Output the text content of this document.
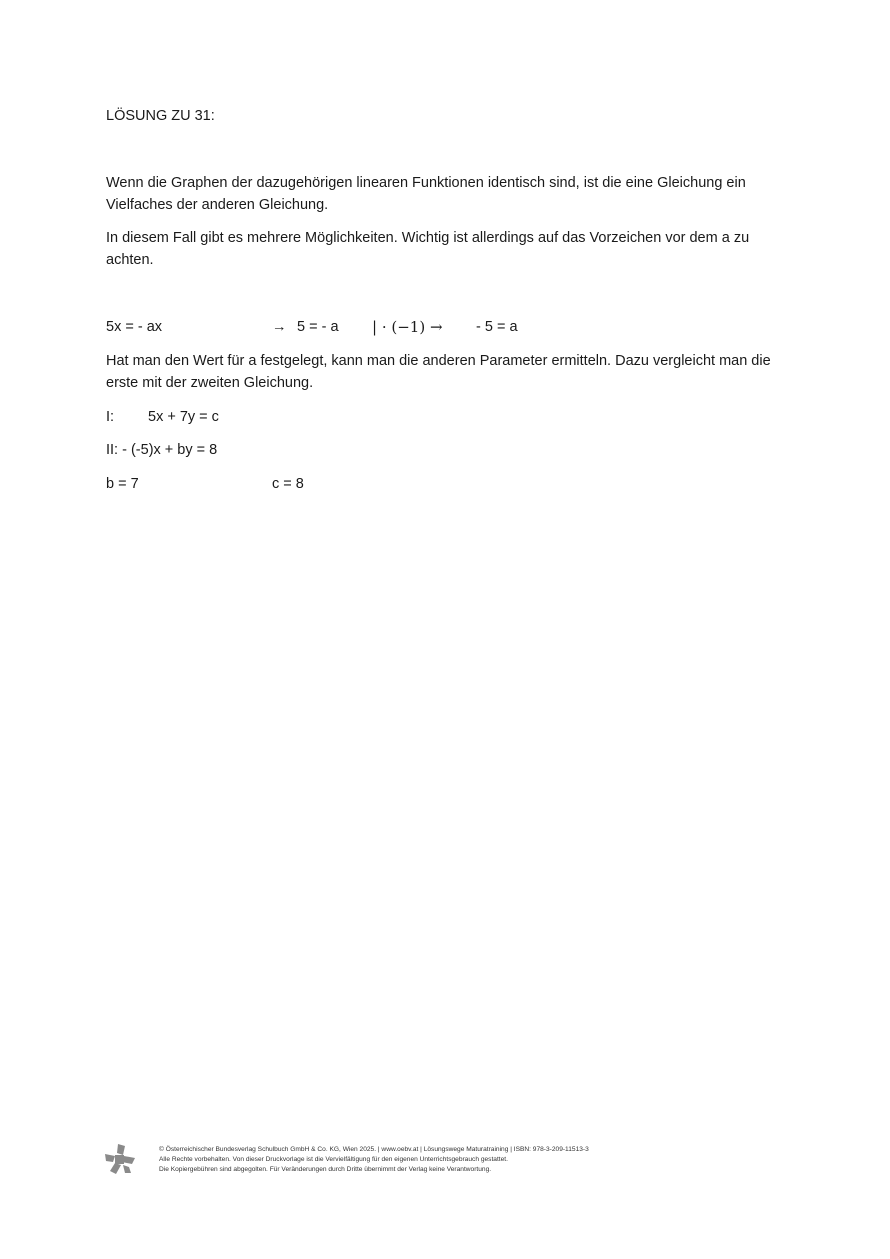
LÖSUNG ZU 31:

Wenn die Graphen der dazugehörigen linearen Funktionen identisch sind, ist die eine Gleichung ein Vielfaches der anderen Gleichung.

In diesem Fall gibt es mehrere Möglichkeiten. Wichtig ist allerdings auf das Vorzeichen vor dem a zu achten.

5x = - ax	→ 5 = - a | · (−1) → - 5 = a

Hat man den Wert für a festgelegt, kann man die anderen Parameter ermitteln. Dazu vergleicht man die erste mit der zweiten Gleichung.

I: 5x + 7y = c
II: - (-5)x + by = 8
b = 7	c = 8
© Österreichischer Bundesverlag Schulbuch GmbH & Co. KG, Wien 2025. | www.oebv.at | Lösungswege Maturatraining | ISBN: 978-3-209-11513-3
Alle Rechte vorbehalten. Von dieser Druckvorlage ist die Vervielfältigung für den eigenen Unterrichtsgebrauch gestattet.
Die Kopiergebühren sind abgegolten. Für Veränderungen durch Dritte übernimmt der Verlag keine Verantwortung.
